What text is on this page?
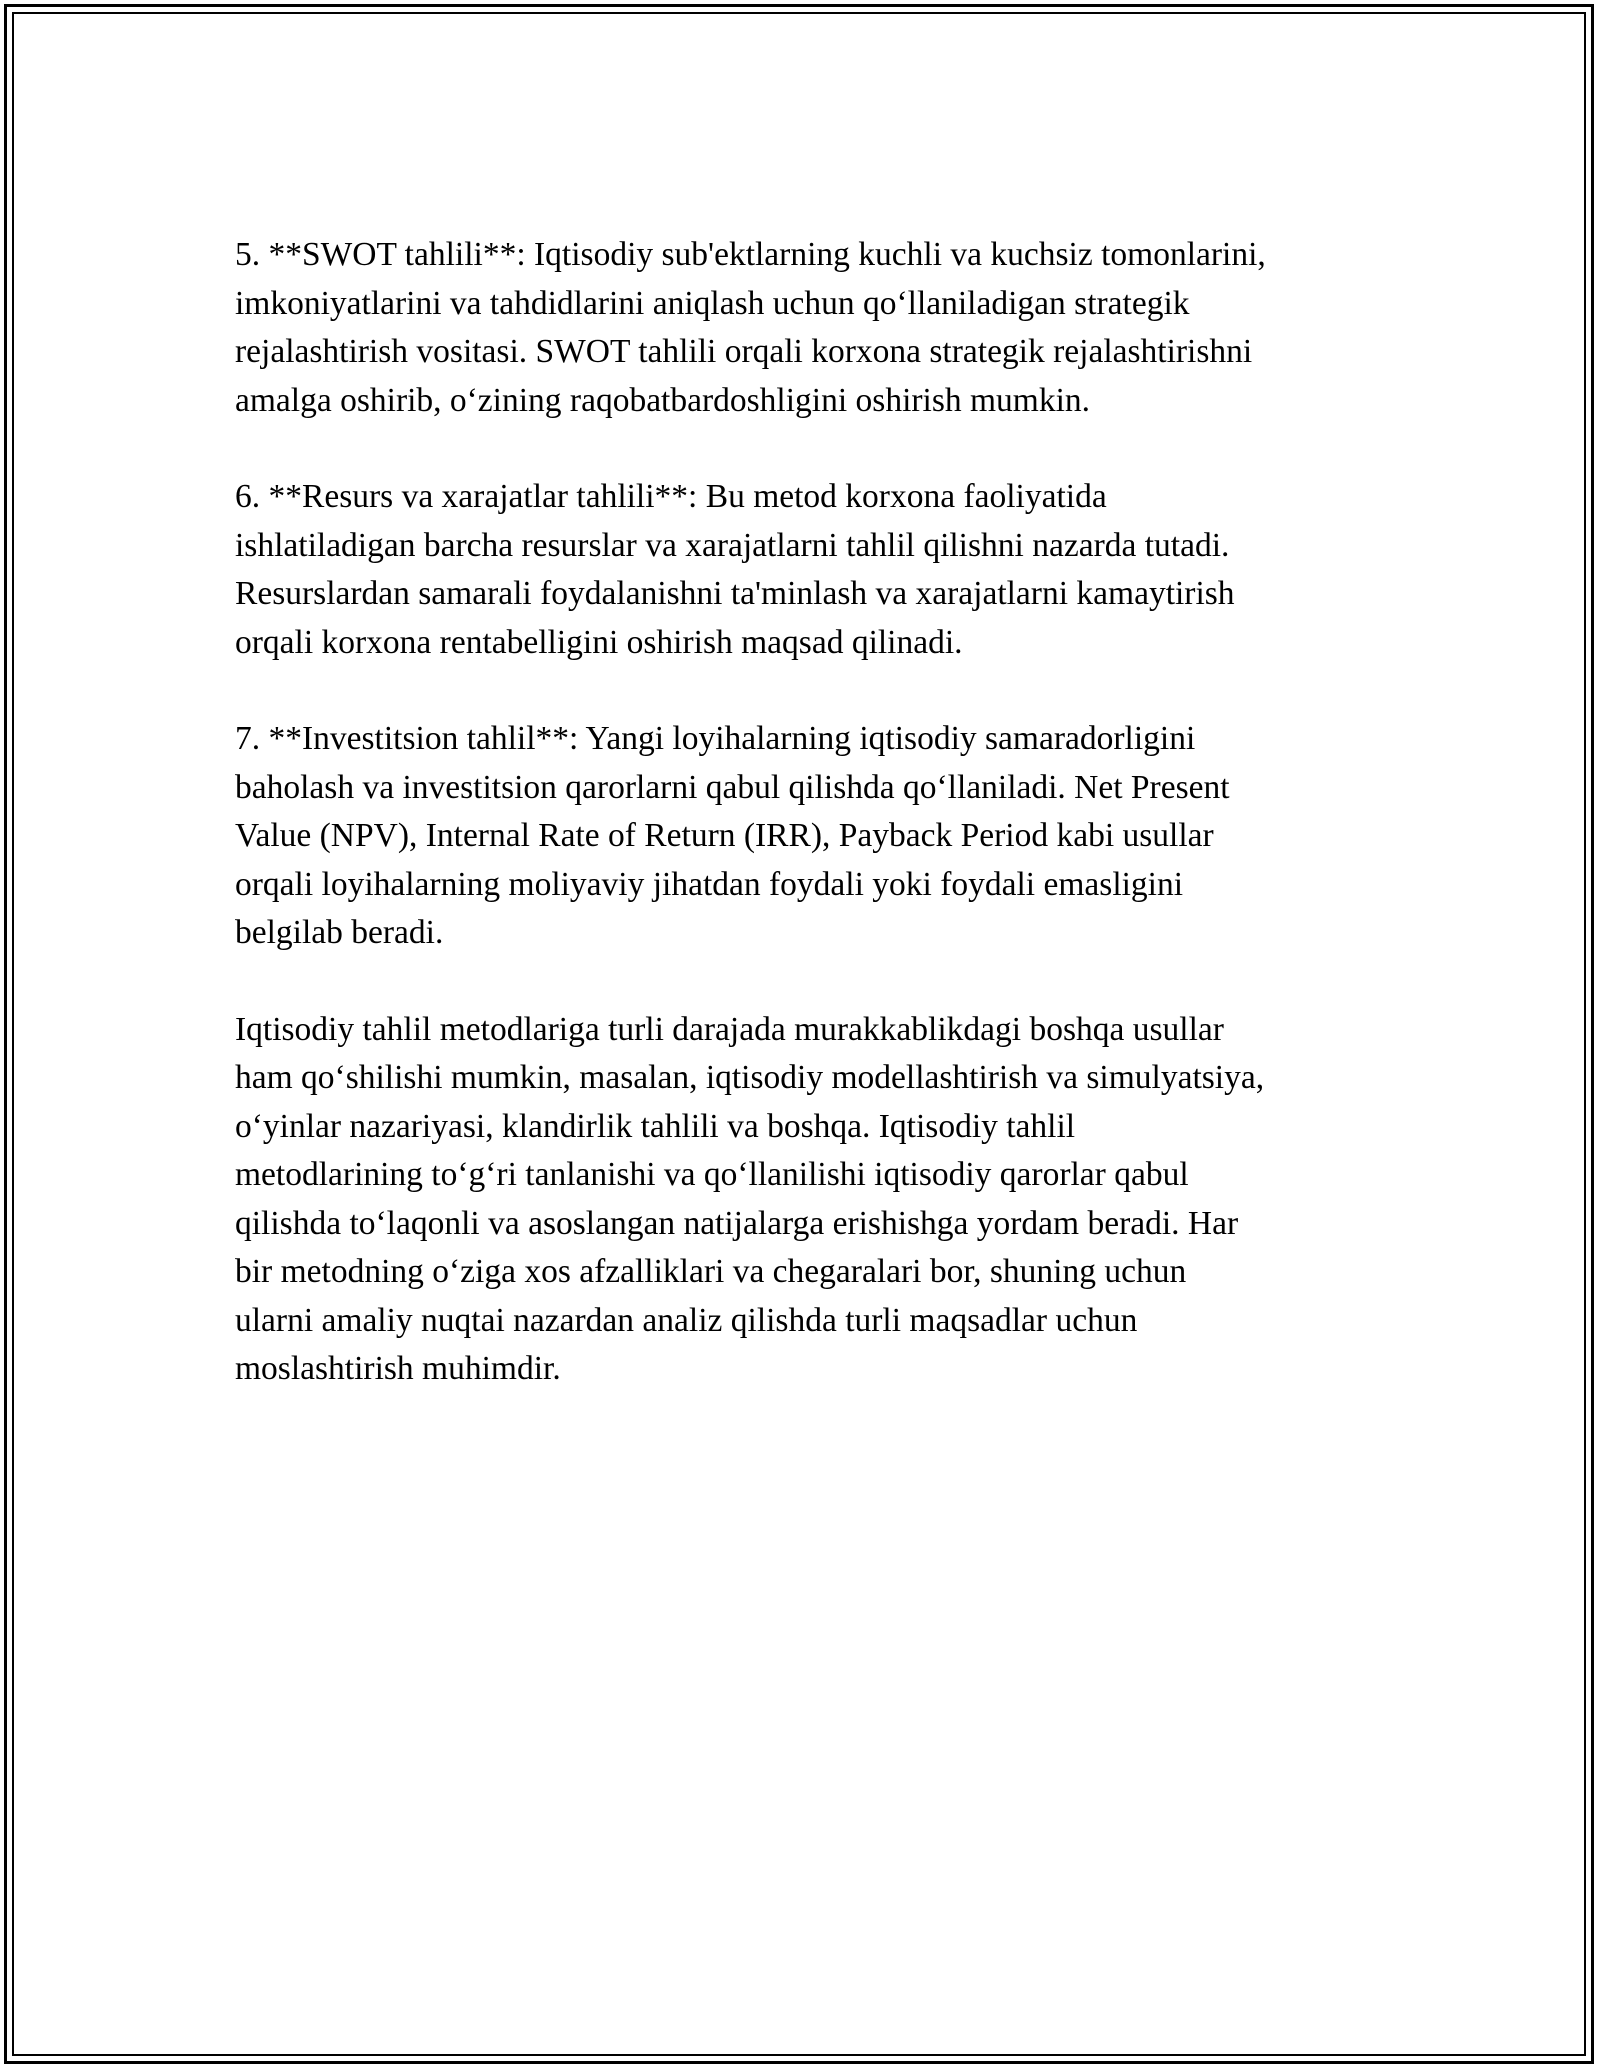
5. **SWOT tahlili**: Iqtisodiy sub'ektlarning kuchli va kuchsiz tomonlarini,
imkoniyatlarini va tahdidlarini aniqlash uchun qo‘llaniladigan strategik
rejalashtirish vositasi. SWOT tahlili orqali korxona strategik rejalashtirishni
amalga oshirib, o‘zining raqobatbardoshligini oshirish mumkin.

6. **Resurs va xarajatlar tahlili**: Bu metod korxona faoliyatida
ishlatiladigan barcha resurslar va xarajatlarni tahlil qilishni nazarda tutadi.
Resurslardan samarali foydalanishni ta'minlash va xarajatlarni kamaytirish
orqali korxona rentabelligini oshirish maqsad qilinadi.

7. **Investitsion tahlil**: Yangi loyihalarning iqtisodiy samaradorligini
baholash va investitsion qarorlarni qabul qilishda qo‘llaniladi. Net Present
Value (NPV), Internal Rate of Return (IRR), Payback Period kabi usullar
orqali loyihalarning moliyaviy jihatdan foydali yoki foydali emasligini
belgilab beradi.

Iqtisodiy tahlil metodlariga turli darajada murakkablikdagi boshqa usullar
ham qo‘shilishi mumkin, masalan, iqtisodiy modellashtirish va simulyatsiya,
o‘yinlar nazariyasi, klandirlik tahlili va boshqa. Iqtisodiy tahlil
metodlarining to‘g‘ri tanlanishi va qo‘llanilishi iqtisodiy qarorlar qabul
qilishda to‘laqonli va asoslangan natijalarga erishishga yordam beradi. Har
bir metodning o‘ziga xos afzalliklari va chegaralari bor, shuning uchun
ularni amaliy nuqtai nazardan analiz qilishda turli maqsadlar uchun
moslashtirish muhimdir.
